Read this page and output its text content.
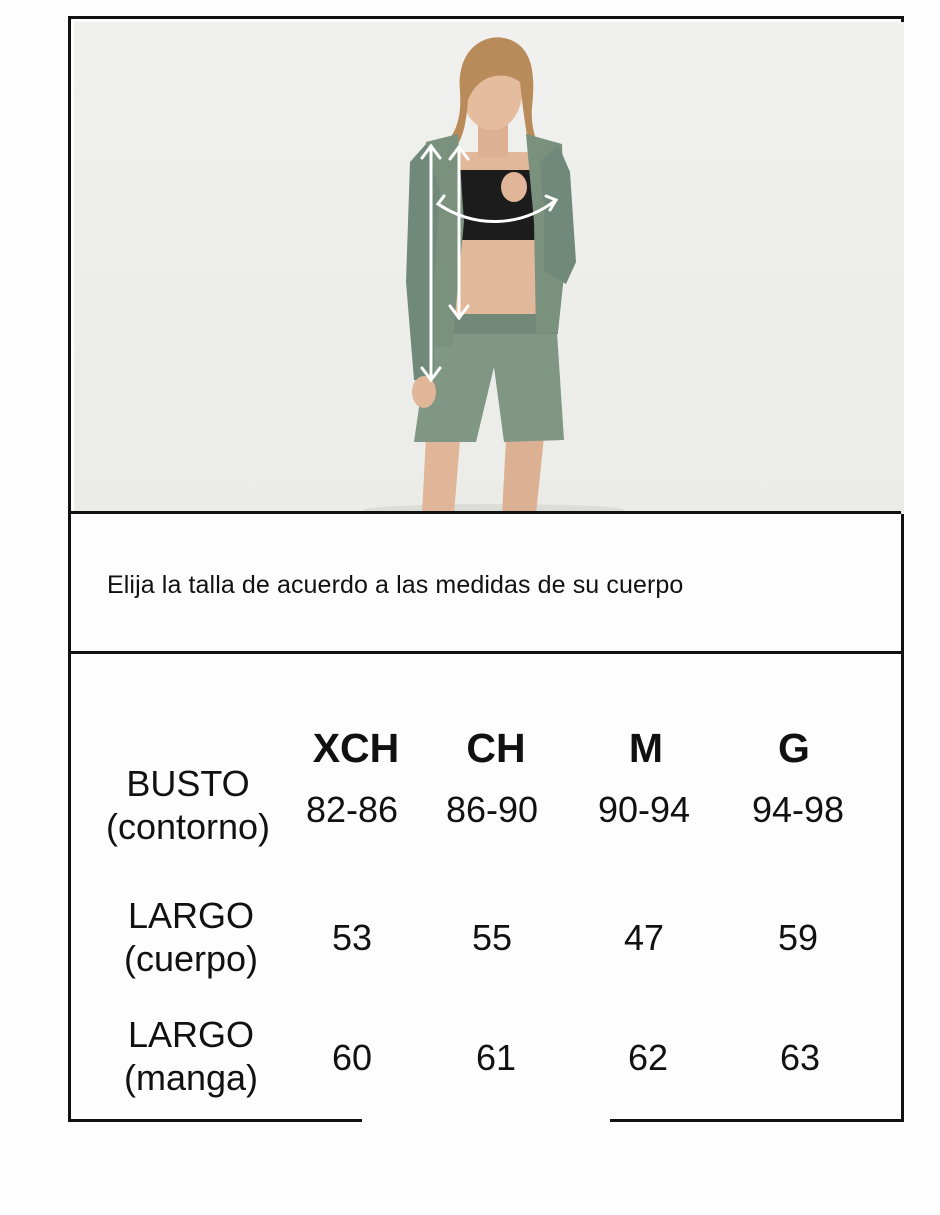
Elija la talla de acuerdo a las medidas de su cuerpo
XCH	CH	M	G
BUSTO
(contorno) 82-86	86-90	90-94	94-98
LARGO
(cuerpo)
53	55	47	59
LARGO
(manga)	60	61	62	63
